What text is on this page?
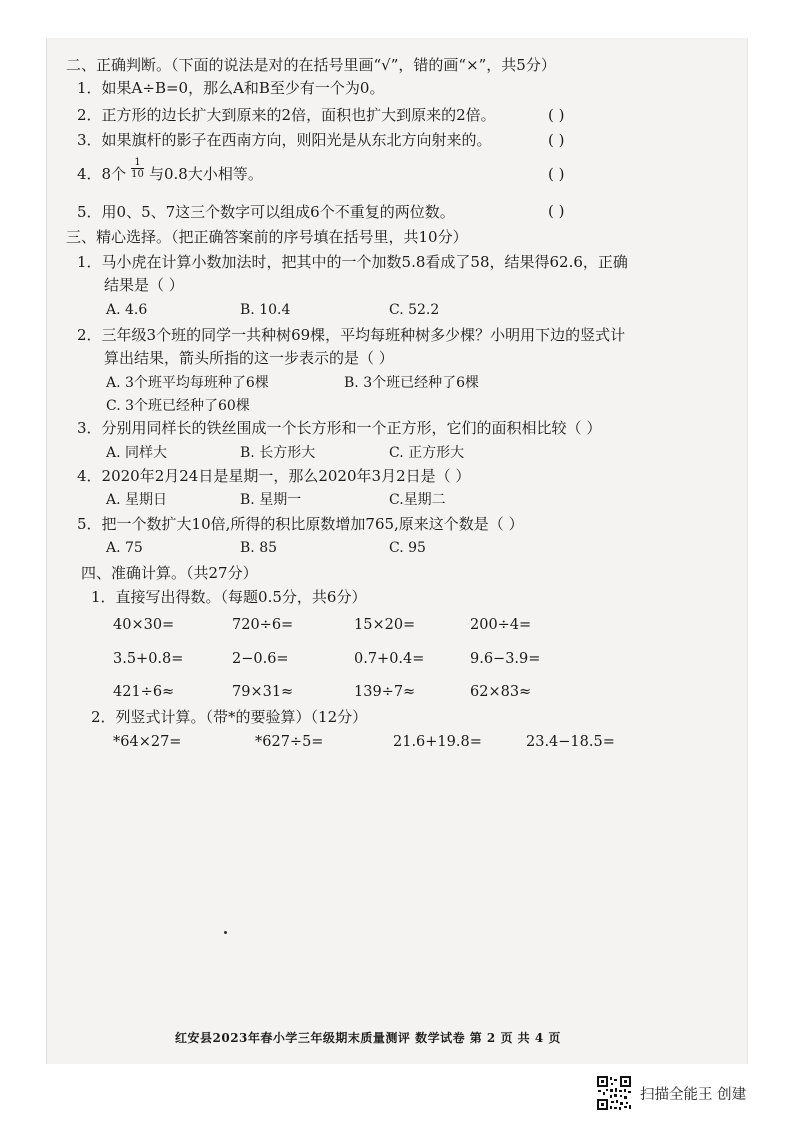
二、正确判断。（下面的说法是对的在括号里画“√”，错的画“×”，共5分）
1．如果A÷B=0，那么A和B至少有一个为0。
2．正方形的边长扩大到原来的2倍，面积也扩大到原来的2倍。	( )
3．如果旗杆的影子在西南方向，则阳光是从东北方向射来的。	( )
4．8个
1
10 与0.8大小相等。	( )
5．用0、5、7这三个数字可以组成6个不重复的两位数。	( )
三、精心选择。（把正确答案前的序号填在括号里，共10分）
1．马小虎在计算小数加法时，把其中的一个加数5.8看成了58，结果得62.6，正确
结果是（ ）
A. 4.6	B. 10.4	C. 52.2
2．三年级3个班的同学一共种树69棵，平均每班种树多少棵？小明用下边的竖式计
算出结果，箭头所指的这一步表示的是（ ）
A. 3个班平均每班种了6棵	B. 3个班已经种了6棵
C. 3个班已经种了60棵
3．分别用同样长的铁丝围成一个长方形和一个正方形，它们的面积相比较（ ）
A. 同样大	B. 长方形大	C. 正方形大
4．2020年2月24日是星期一，那么2020年3月2日是（ ）
A. 星期日	B. 星期一	C.星期二
5．把一个数扩大10倍,所得的积比原数增加765,原来这个数是（ ）
A. 75	B. 85	C. 95
四、准确计算。（共27分）
1．直接写出得数。（每题0.5分，共6分）
40×30=	720÷6=	15×20=	200÷4=
3.5+0.8=	2−0.6=	0.7+0.4=	9.6−3.9=
421÷6≈	79×31≈	139÷7≈	62×83≈
2．列竖式计算。（带*的要验算）（12分）
*64×27=	*627÷5=	21.6+19.8=	23.4−18.5=
红安县2023年春小学三年级期末质量测评 数学试卷 第 2 页 共 4 页
扫描全能王 创建
